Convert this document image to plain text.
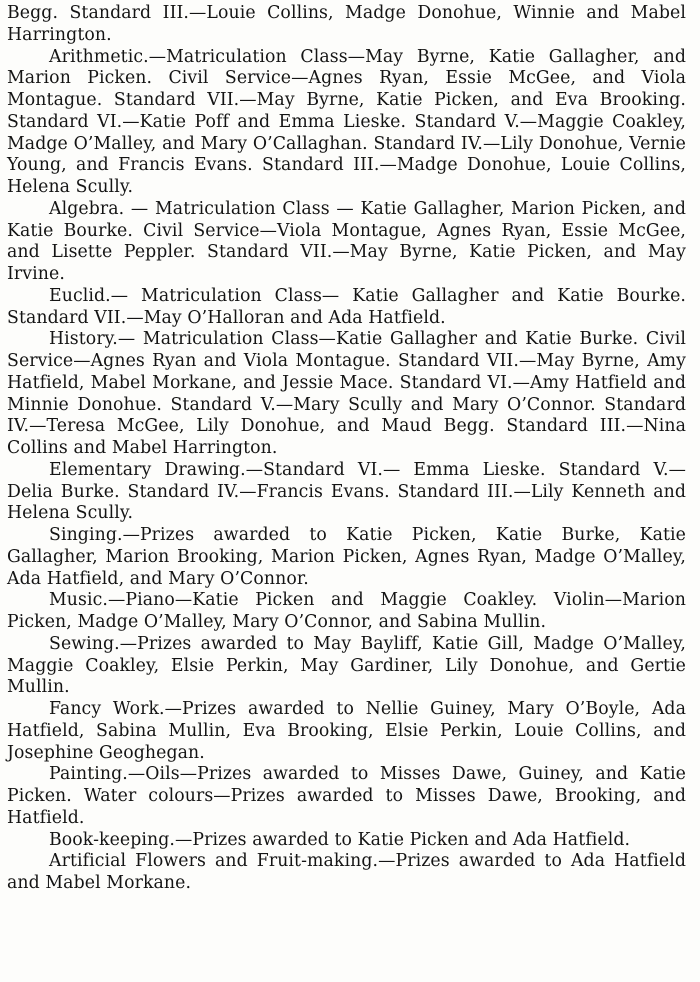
Begg. Standard III.—Louie Collins, Madge Donohue, Winnie and Mabel Harrington.

Arithmetic.—Matriculation Class—May Byrne, Katie Gallagher, and Marion Picken. Civil Service—Agnes Ryan, Essie McGee, and Viola Montague. Standard VII.—May Byrne, Katie Picken, and Eva Brooking. Standard VI.—Katie Poff and Emma Lieske. Standard V.—Maggie Coakley, Madge O’Malley, and Mary O’Callaghan. Standard IV.—Lily Donohue, Vernie Young, and Francis Evans. Standard III.—Madge Donohue, Louie Collins, Helena Scully.

Algebra. — Matriculation Class — Katie Gallagher, Marion Picken, and Katie Bourke. Civil Service—Viola Montague, Agnes Ryan, Essie McGee, and Lisette Peppler. Standard VII.—May Byrne, Katie Picken, and May Irvine.

Euclid.— Matriculation Class— Katie Gallagher and Katie Bourke. Standard VII.—May O’Halloran and Ada Hatfield.

History.— Matriculation Class—Katie Gallagher and Katie Burke. Civil Service—Agnes Ryan and Viola Montague. Standard VII.—May Byrne, Amy Hatfield, Mabel Morkane, and Jessie Mace. Standard VI.—Amy Hatfield and Minnie Donohue. Standard V.—Mary Scully and Mary O’Connor. Standard IV.—Teresa McGee, Lily Donohue, and Maud Begg. Standard III.—Nina Collins and Mabel Harrington.

Elementary Drawing.—Standard VI.— Emma Lieske. Standard V.—Delia Burke. Standard IV.—Francis Evans. Standard III.—Lily Kenneth and Helena Scully.

Singing.—Prizes awarded to Katie Picken, Katie Burke, Katie Gallagher, Marion Brooking, Marion Picken, Agnes Ryan, Madge O’Malley, Ada Hatfield, and Mary O’Connor.

Music.—Piano—Katie Picken and Maggie Coakley. Violin—Marion Picken, Madge O’Malley, Mary O’Connor, and Sabina Mullin.

Sewing.—Prizes awarded to May Bayliff, Katie Gill, Madge O’Malley, Maggie Coakley, Elsie Perkin, May Gardiner, Lily Donohue, and Gertie Mullin.

Fancy Work.—Prizes awarded to Nellie Guiney, Mary O’Boyle, Ada Hatfield, Sabina Mullin, Eva Brooking, Elsie Perkin, Louie Collins, and Josephine Geoghegan.

Painting.—Oils—Prizes awarded to Misses Dawe, Guiney, and Katie Picken. Water colours—Prizes awarded to Misses Dawe, Brooking, and Hatfield.

Book-keeping.—Prizes awarded to Katie Picken and Ada Hatfield.

Artificial Flowers and Fruit-making.—Prizes awarded to Ada Hatfield and Mabel Morkane.
